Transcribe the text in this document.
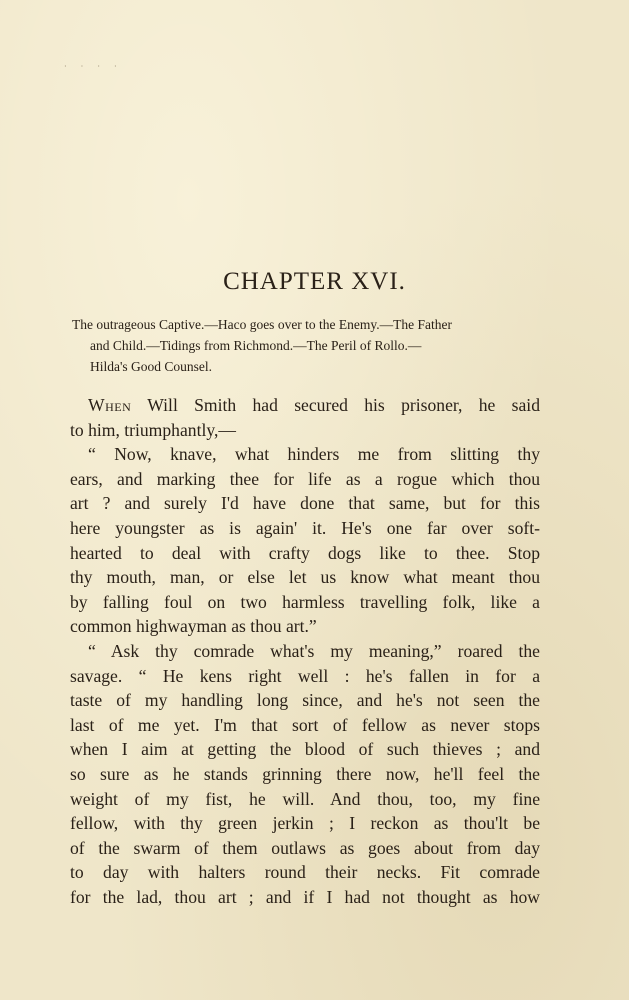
· · · ·
CHAPTER XVI.

The outrageous Captive.—Haco goes over to the Enemy.—The Father
and Child.—Tidings from Richmond.—The Peril of Rollo.—
Hilda's Good Counsel.

When Will Smith had secured his prisoner, he said
to him, triumphantly,—
“ Now, knave, what hinders me from slitting thy
ears, and marking thee for life as a rogue which thou
art ? and surely I'd have done that same, but for this
here youngster as is again' it. He's one far over soft-
hearted to deal with crafty dogs like to thee. Stop
thy mouth, man, or else let us know what meant thou
by falling foul on two harmless travelling folk, like a
common highwayman as thou art.”
“ Ask thy comrade what's my meaning,” roared the
savage. “ He kens right well : he's fallen in for a
taste of my handling long since, and he's not seen the
last of me yet. I'm that sort of fellow as never stops
when I aim at getting the blood of such thieves ; and
so sure as he stands grinning there now, he'll feel the
weight of my fist, he will. And thou, too, my fine
fellow, with thy green jerkin ; I reckon as thou'lt be
of the swarm of them outlaws as goes about from day
to day with halters round their necks. Fit comrade
for the lad, thou art ; and if I had not thought as how
